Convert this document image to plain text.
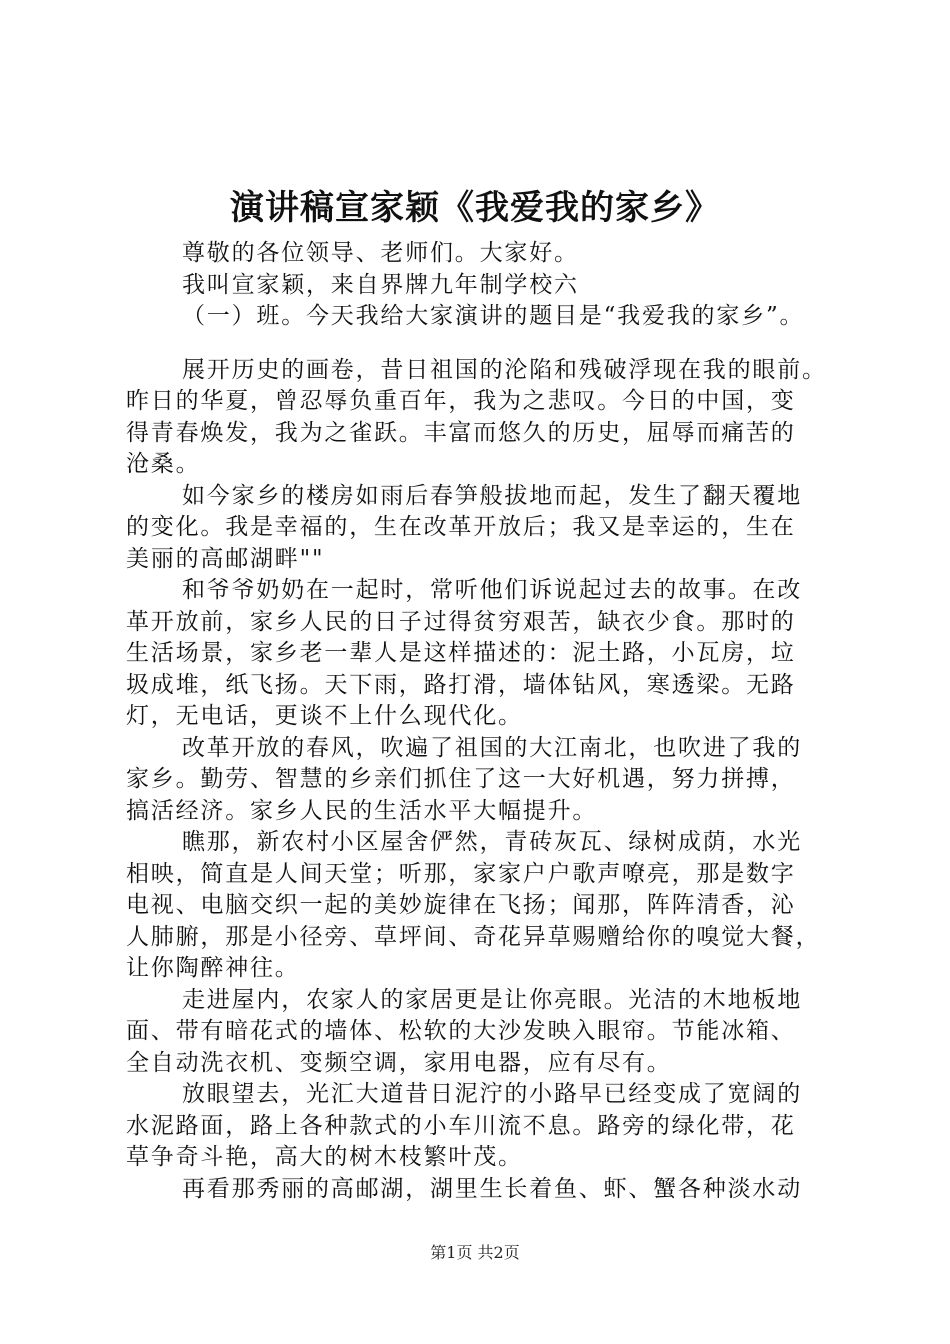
演讲稿宣家颖《我爱我的家乡》
尊敬的各位领导、老师们。大家好。
我叫宣家颖，来自界牌九年制学校六
（一）班。今天我给大家演讲的题目是“我爱我的家乡”。
展开历史的画卷，昔日祖国的沦陷和残破浮现在我的眼前。
昨日的华夏，曾忍辱负重百年，我为之悲叹。今日的中国，变
得青春焕发，我为之雀跃。丰富而悠久的历史，屈辱而痛苦的
沧桑。
如今家乡的楼房如雨后春笋般拔地而起，发生了翻天覆地
的变化。我是幸福的，生在改革开放后；我又是幸运的，生在
美丽的高邮湖畔""
和爷爷奶奶在一起时，常听他们诉说起过去的故事。在改
革开放前，家乡人民的日子过得贫穷艰苦，缺衣少食。那时的
生活场景，家乡老一辈人是这样描述的：泥土路，小瓦房，垃
圾成堆，纸飞扬。天下雨，路打滑，墙体钻风，寒透梁。无路
灯，无电话，更谈不上什么现代化。
改革开放的春风，吹遍了祖国的大江南北，也吹进了我的
家乡。勤劳、智慧的乡亲们抓住了这一大好机遇，努力拼搏，
搞活经济。家乡人民的生活水平大幅提升。
瞧那，新农村小区屋舍俨然，青砖灰瓦、绿树成荫，水光
相映，简直是人间天堂；听那，家家户户歌声嘹亮，那是数字
电视、电脑交织一起的美妙旋律在飞扬；闻那，阵阵清香，沁
人肺腑，那是小径旁、草坪间、奇花异草赐赠给你的嗅觉大餐，
让你陶醉神往。
走进屋内，农家人的家居更是让你亮眼。光洁的木地板地
面、带有暗花式的墙体、松软的大沙发映入眼帘。节能冰箱、
全自动洗衣机、变频空调，家用电器，应有尽有。
放眼望去，光汇大道昔日泥泞的小路早已经变成了宽阔的
水泥路面，路上各种款式的小车川流不息。路旁的绿化带，花
草争奇斗艳，高大的树木枝繁叶茂。
再看那秀丽的高邮湖，湖里生长着鱼、虾、蟹各种淡水动
第1页 共2页
